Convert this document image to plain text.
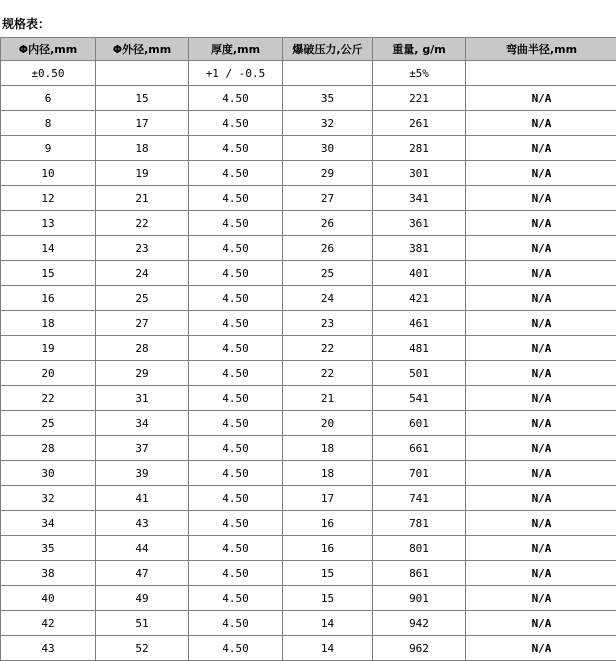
规格表：
Φ内径,mm	Φ外径,mm	厚度,mm	爆破压力,公斤	重量, g/m	弯曲半径,mm
±0.50		+1 / -0.5		±5%	
6	15	4.50	35	221	N/A
8	17	4.50	32	261	N/A
9	18	4.50	30	281	N/A
10	19	4.50	29	301	N/A
12	21	4.50	27	341	N/A
13	22	4.50	26	361	N/A
14	23	4.50	26	381	N/A
15	24	4.50	25	401	N/A
16	25	4.50	24	421	N/A
18	27	4.50	23	461	N/A
19	28	4.50	22	481	N/A
20	29	4.50	22	501	N/A
22	31	4.50	21	541	N/A
25	34	4.50	20	601	N/A
28	37	4.50	18	661	N/A
30	39	4.50	18	701	N/A
32	41	4.50	17	741	N/A
34	43	4.50	16	781	N/A
35	44	4.50	16	801	N/A
38	47	4.50	15	861	N/A
40	49	4.50	15	901	N/A
42	51	4.50	14	942	N/A
43	52	4.50	14	962	N/A
